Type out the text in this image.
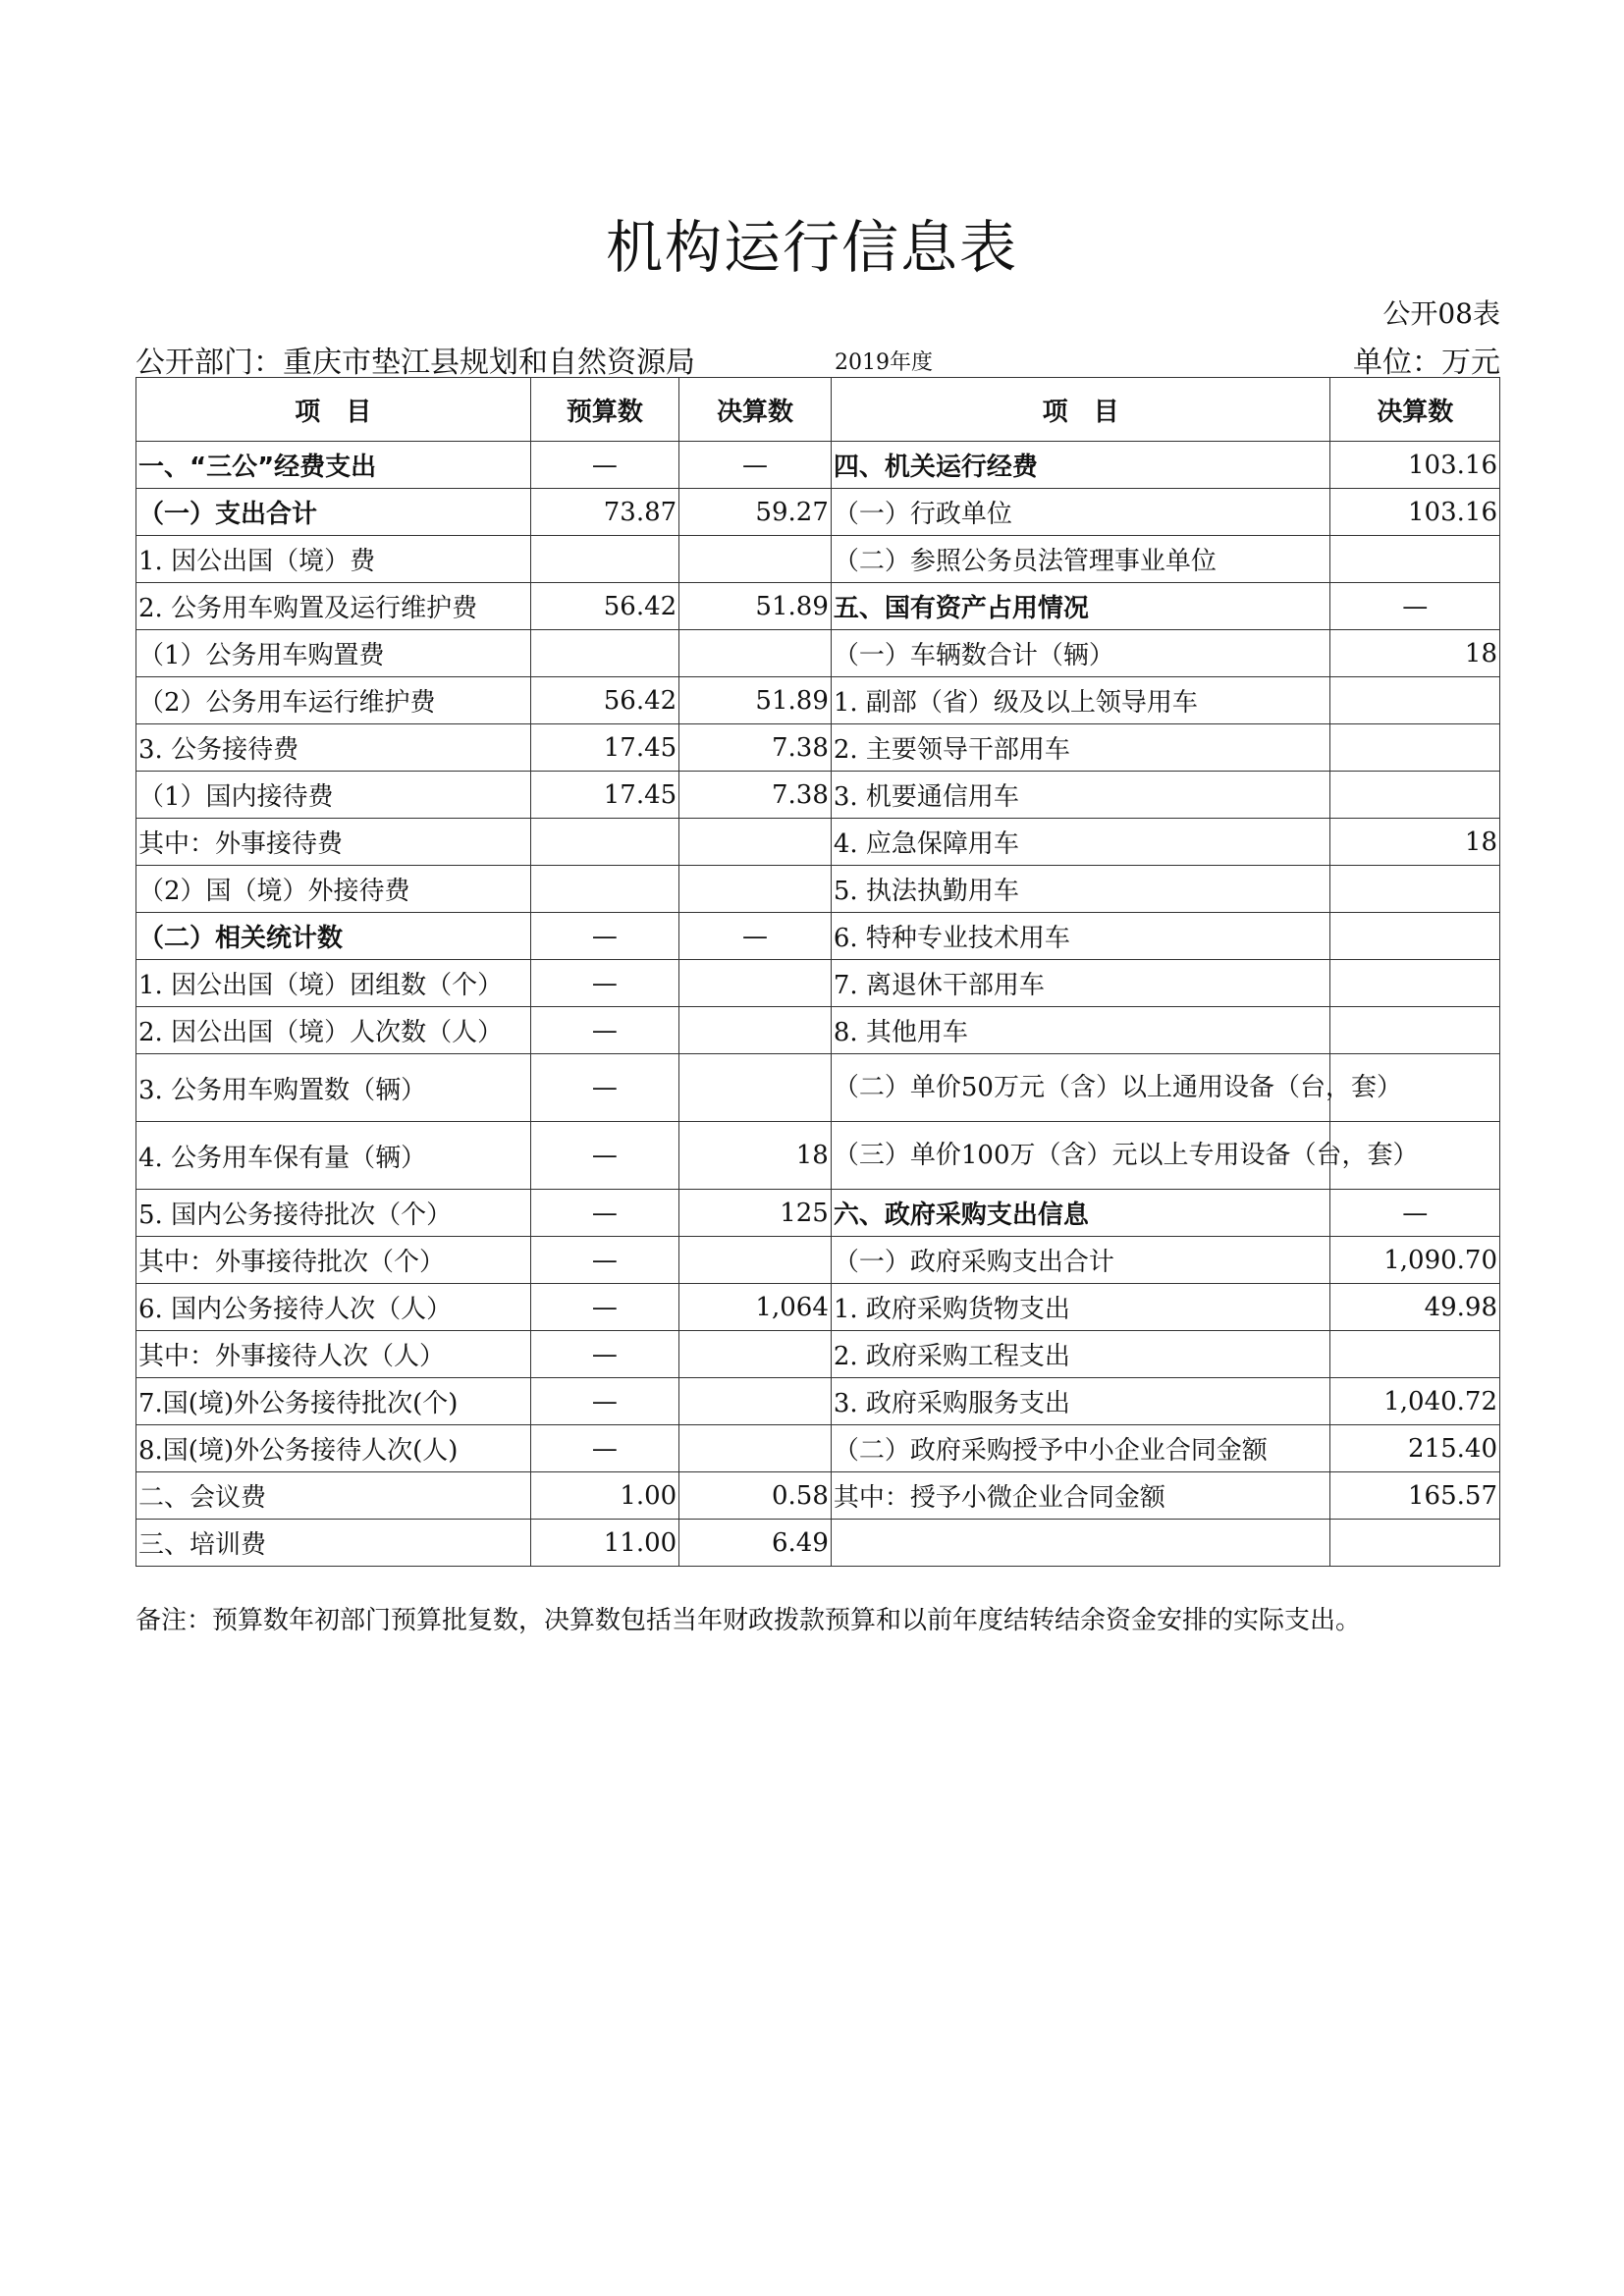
机构运行信息表
公开08表
公开部门：重庆市垫江县规划和自然资源局	2019年度	单位：万元
项　目	预算数	决算数	项　目	决算数
一、“三公”经费支出	—	—	四、机关运行经费	103.16
（一）支出合计	73.87	59.27	（一）行政单位	103.16
1. 因公出国（境）费			（二）参照公务员法管理事业单位	
2. 公务用车购置及运行维护费	56.42	51.89	五、国有资产占用情况	—
（1）公务用车购置费			（一）车辆数合计（辆）	18
（2）公务用车运行维护费	56.42	51.89	1. 副部（省）级及以上领导用车	
3. 公务接待费	17.45	7.38	2. 主要领导干部用车	
（1）国内接待费	17.45	7.38	3. 机要通信用车	
其中：外事接待费			4. 应急保障用车	18
（2）国（境）外接待费			5. 执法执勤用车	
（二）相关统计数	—	—	6. 特种专业技术用车	
1. 因公出国（境）团组数（个）	—		7. 离退休干部用车	
2. 因公出国（境）人次数（人）	—		8. 其他用车	
3. 公务用车购置数（辆）	—		（二）单价50万元（含）以上通用设备（台，套）	
4. 公务用车保有量（辆）	—	18	（三）单价100万（含）元以上专用设备（台，套）	
5. 国内公务接待批次（个）	—	125	六、政府采购支出信息	—
其中：外事接待批次（个）	—		（一）政府采购支出合计	1,090.70
6. 国内公务接待人次（人）	—	1,064	1. 政府采购货物支出	49.98
其中：外事接待人次（人）	—		2. 政府采购工程支出	
7.国(境)外公务接待批次(个)	—		3. 政府采购服务支出	1,040.72
8.国(境)外公务接待人次(人)	—		（二）政府采购授予中小企业合同金额	215.40
二、会议费	1.00	0.58	其中：授予小微企业合同金额	165.57
三、培训费	11.00	6.49		
备注：预算数年初部门预算批复数，决算数包括当年财政拨款预算和以前年度结转结余资金安排的实际支出。
